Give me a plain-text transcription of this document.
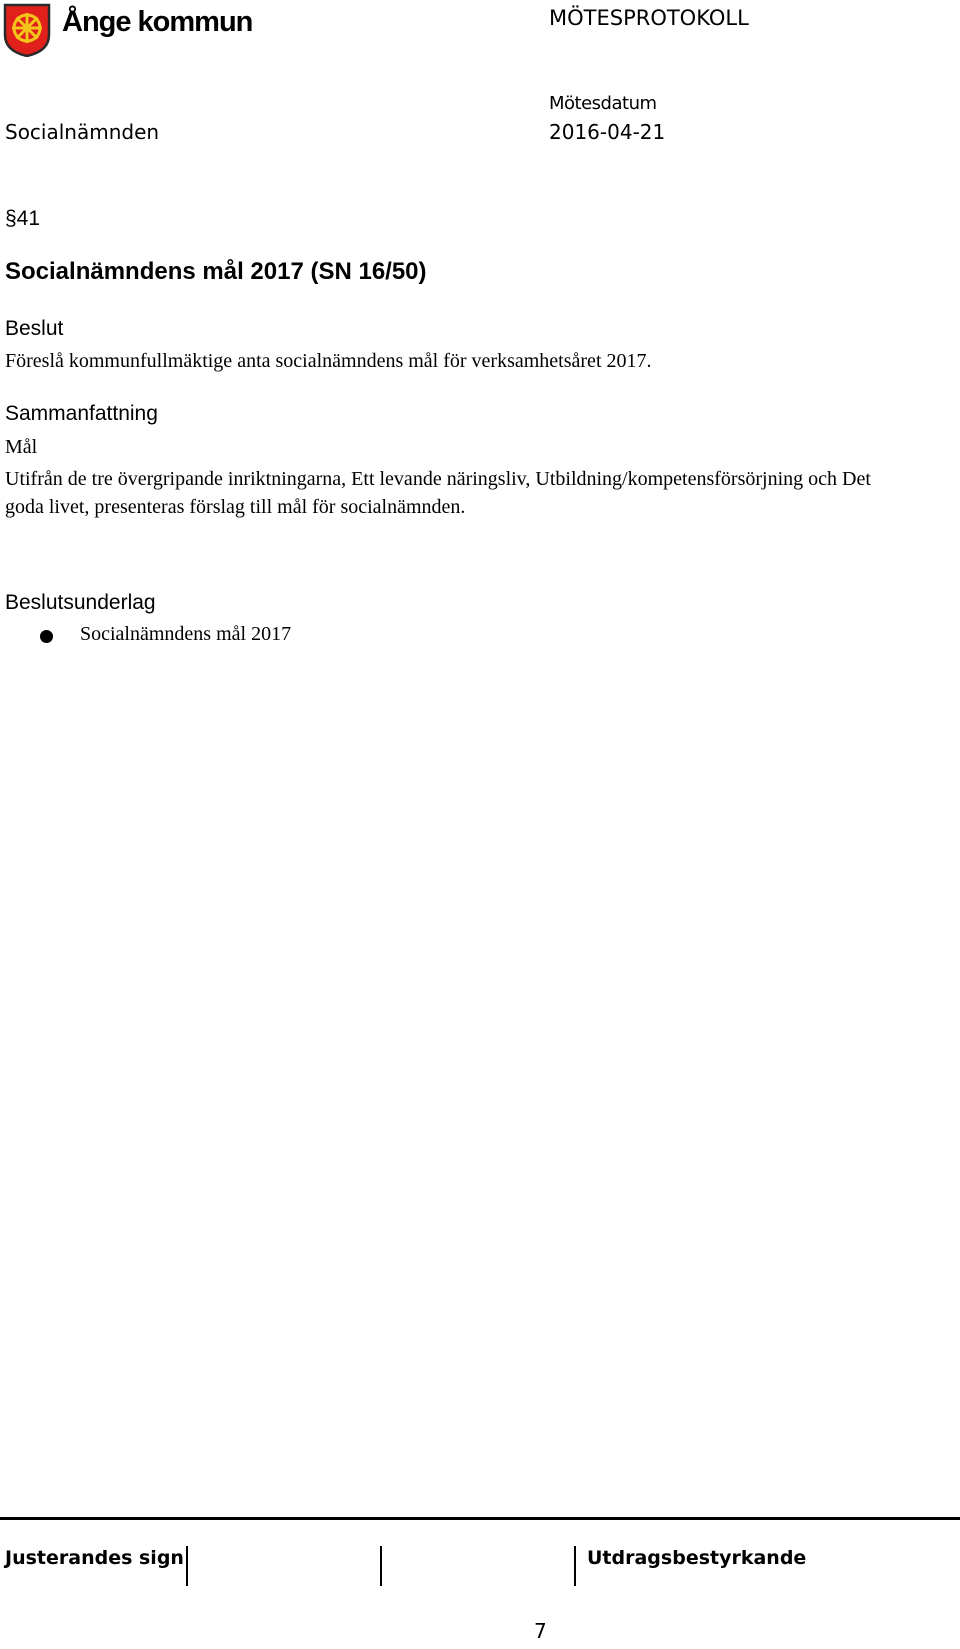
Ånge kommun	MÖTESPROTOKOLL
Mötesdatum
Socialnämnden	2016-04-21
§41
Socialnämndens mål 2017 (SN 16/50)
Beslut
Föreslå kommunfullmäktige anta socialnämndens mål för verksamhetsåret 2017.
Sammanfattning
Mål

Utifrån de tre övergripande inriktningarna, Ett levande näringsliv, Utbildning/kompetensförsörjning och Det goda livet, presenteras förslag till mål för socialnämnden.

Beslutsunderlag
Socialnämndens mål 2017
Justerandes sign	Utdragsbestyrkande
7
